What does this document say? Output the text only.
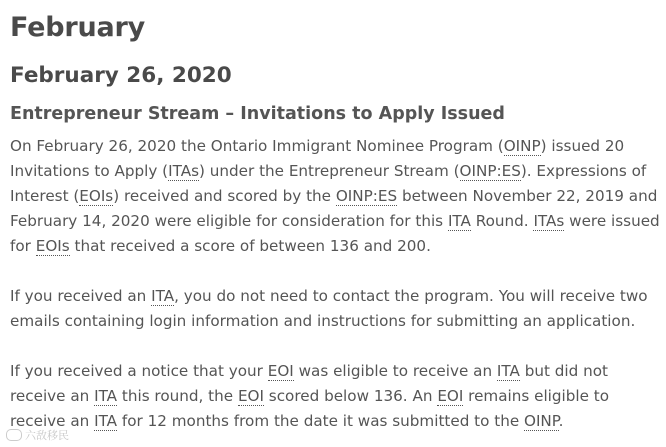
February
February 26, 2020
Entrepreneur Stream – Invitations to Apply Issued

On February 26, 2020 the Ontario Immigrant Nominee Program (OINP) issued 20 Invitations to Apply (ITAs) under the Entrepreneur Stream (OINP:ES). Expressions of Interest (EOIs) received and scored by the OINP:ES between November 22, 2019 and February 14, 2020 were eligible for consideration for this ITA Round. ITAs were issued for EOIs that received a score of between 136 and 200.

If you received an ITA, you do not need to contact the program. You will receive two emails containing login information and instructions for submitting an application.

If you received a notice that your EOI was eligible to receive an ITA but did not receive an ITA this round, the EOI scored below 136. An EOI remains eligible to receive an ITA for 12 months from the date it was submitted to the OINP.

六敌移民
